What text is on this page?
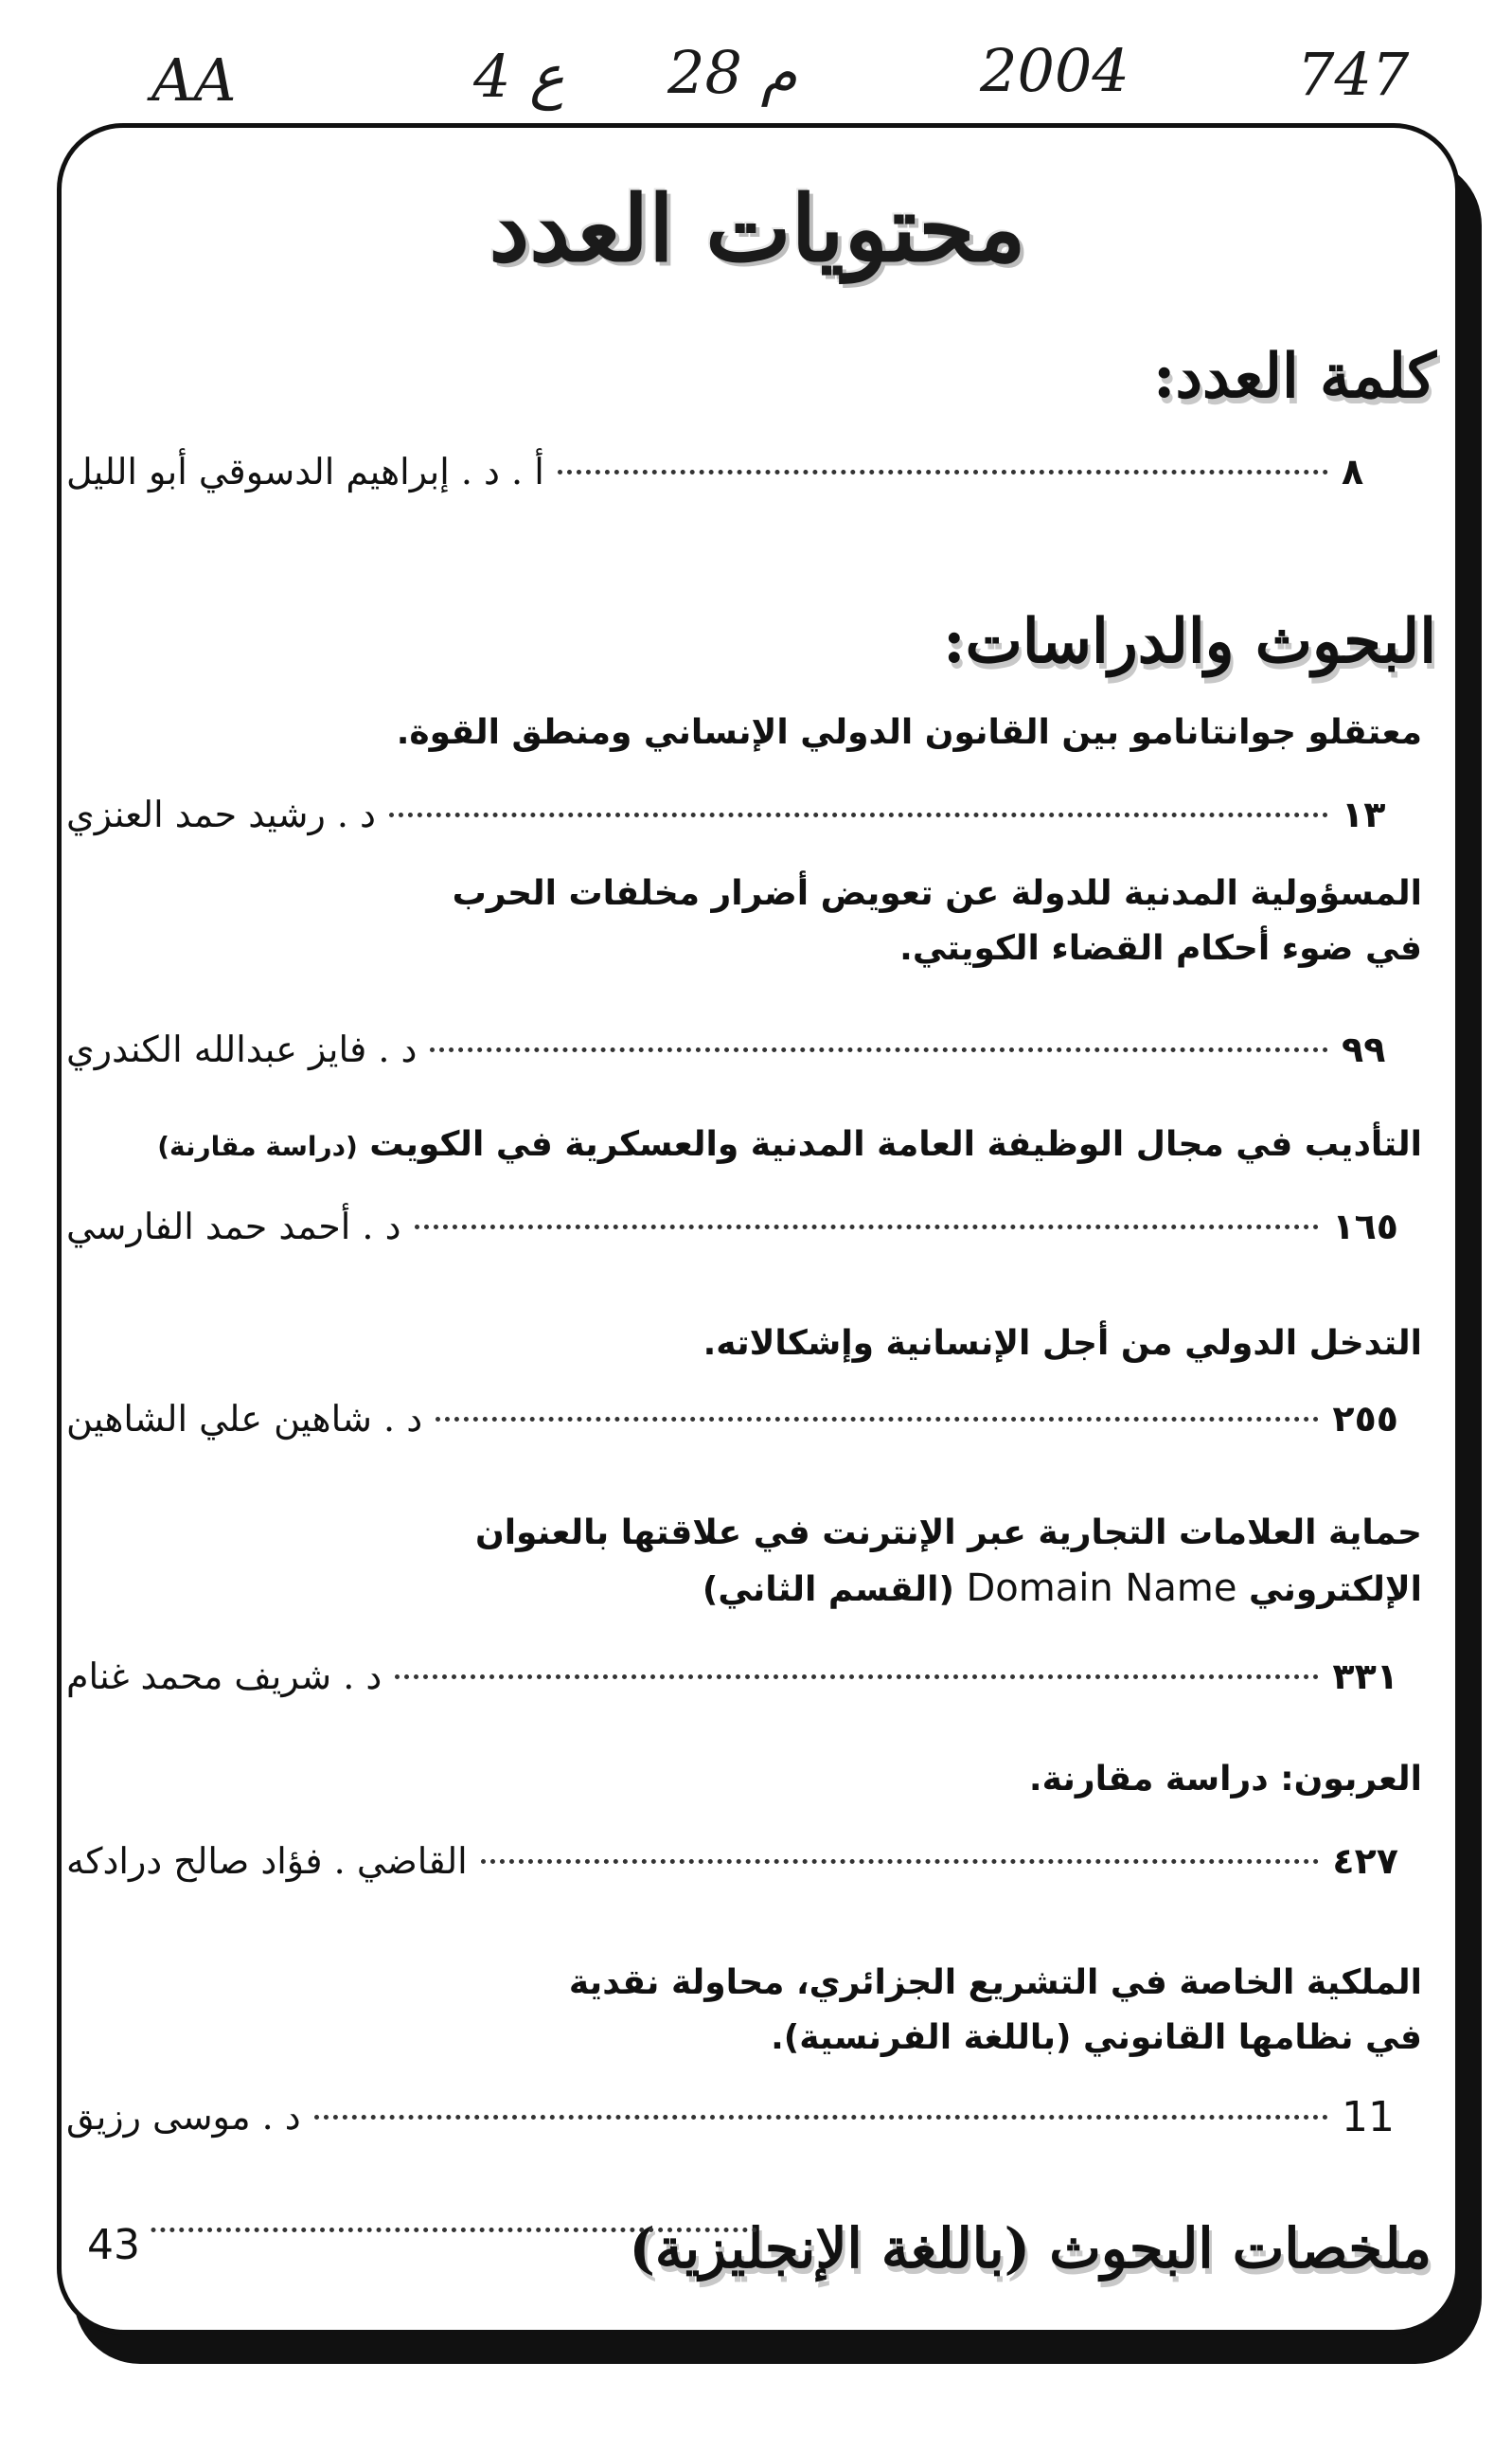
AA	4 ع 28 م	2004	747
محتويات العدد
كلمة العدد:
أ . د . إبراهيم الدسوقي أبو الليل	٨
البحوث والدراسات:
معتقلو جوانتانامو بين القانون الدولي الإنساني ومنطق القوة.
د . رشيد حمد العنزي	١٣
المسؤولية المدنية للدولة عن تعويض أضرار مخلفات الحرب
في ضوء أحكام القضاء الكويتي.
د . فايز عبدالله الكندري	٩٩
التأديب في مجال الوظيفة العامة المدنية والعسكرية في الكويت (دراسة مقارنة)
د . أحمد حمد الفارسي	١٦٥
التدخل الدولي من أجل الإنسانية وإشكالاته.
د . شاهين علي الشاهين	٢٥٥
حماية العلامات التجارية عبر الإنترنت في علاقتها بالعنوان
الإلكتروني Domain Name (القسم الثاني)
د . شريف محمد غنام	٣٣١
العربون: دراسة مقارنة.
القاضي . فؤاد صالح درادكه	٤٢٧
الملكية الخاصة في التشريع الجزائري، محاولة نقدية
في نظامها القانوني (باللغة الفرنسية).
د . موسى رزيق	11
ملخصات البحوث (باللغة الإنجليزية)
43
